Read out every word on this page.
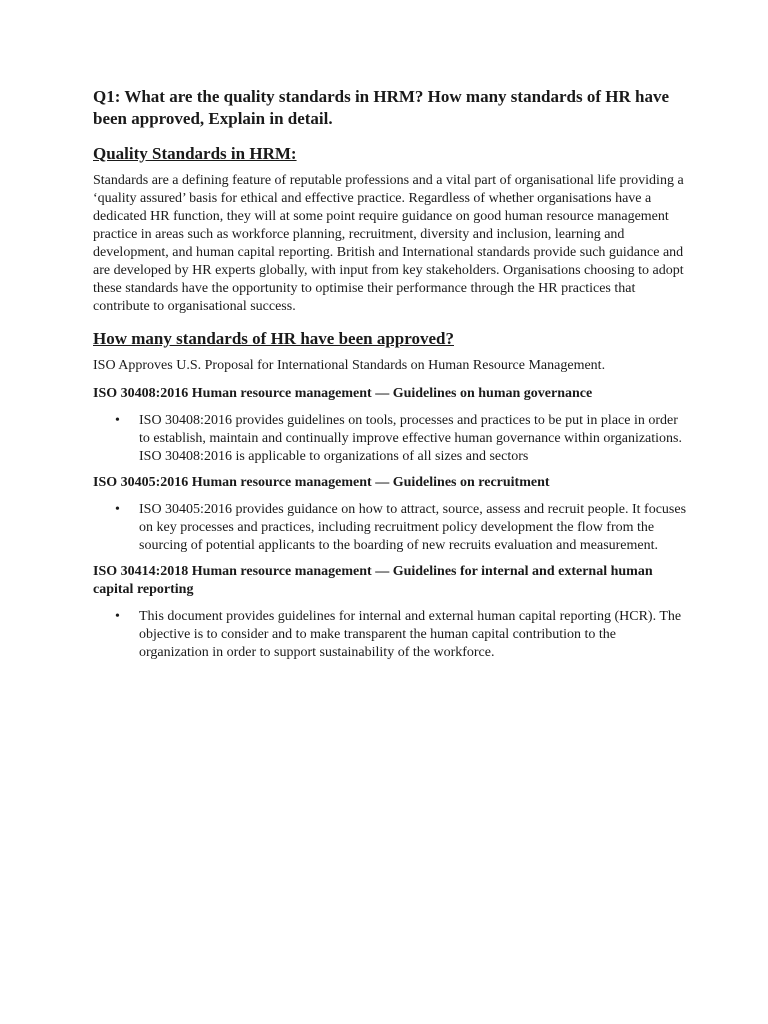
Q1: What are the quality standards in HRM? How many standards of HR have been approved, Explain in detail.

Quality Standards in HRM:

Standards are a defining feature of reputable professions and a vital part of organisational life providing a ‘quality assured’ basis for ethical and effective practice. Regardless of whether organisations have a dedicated HR function, they will at some point require guidance on good human resource management practice in areas such as workforce planning, recruitment, diversity and inclusion, learning and development, and human capital reporting. British and International standards provide such guidance and are developed by HR experts globally, with input from key stakeholders. Organisations choosing to adopt these standards have the opportunity to optimise their performance through the HR practices that contribute to organisational success.

How many standards of HR have been approved?

ISO Approves U.S. Proposal for International Standards on Human Resource Management.

ISO 30408:2016 Human resource management — Guidelines on human governance

• ISO 30408:2016 provides guidelines on tools, processes and practices to be put in place in order to establish, maintain and continually improve effective human governance within organizations. ISO 30408:2016 is applicable to organizations of all sizes and sectors

ISO 30405:2016 Human resource management — Guidelines on recruitment

• ISO 30405:2016 provides guidance on how to attract, source, assess and recruit people. It focuses on key processes and practices, including recruitment policy development the flow from the sourcing of potential applicants to the boarding of new recruits evaluation and measurement.

ISO 30414:2018 Human resource management — Guidelines for internal and external human capital reporting

• This document provides guidelines for internal and external human capital reporting (HCR). The objective is to consider and to make transparent the human capital contribution to the organization in order to support sustainability of the workforce.
